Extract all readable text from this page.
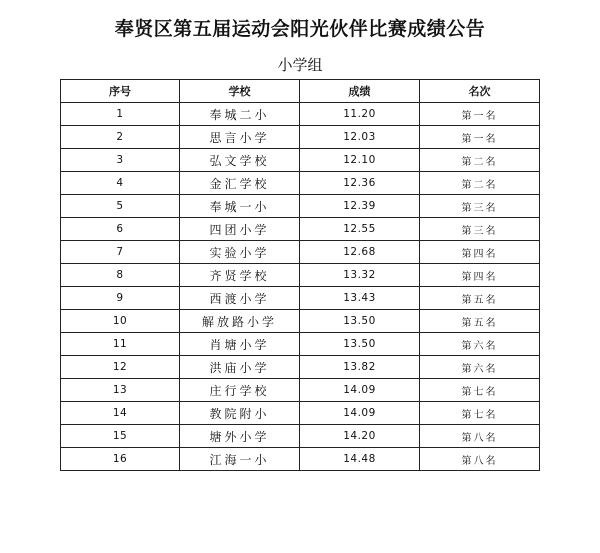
奉贤区第五届运动会阳光伙伴比赛成绩公告
小学组
序号	学校	成绩	名次
1	奉城二小	11.20	第一名
2	思言小学	12.03	第一名
3	弘文学校	12.10	第二名
4	金汇学校	12.36	第二名
5	奉城一小	12.39	第三名
6	四团小学	12.55	第三名
7	实验小学	12.68	第四名
8	齐贤学校	13.32	第四名
9	西渡小学	13.43	第五名
10	解放路小学	13.50	第五名
11	肖塘小学	13.50	第六名
12	洪庙小学	13.82	第六名
13	庄行学校	14.09	第七名
14	教院附小	14.09	第七名
15	塘外小学	14.20	第八名
16	江海一小	14.48	第八名
